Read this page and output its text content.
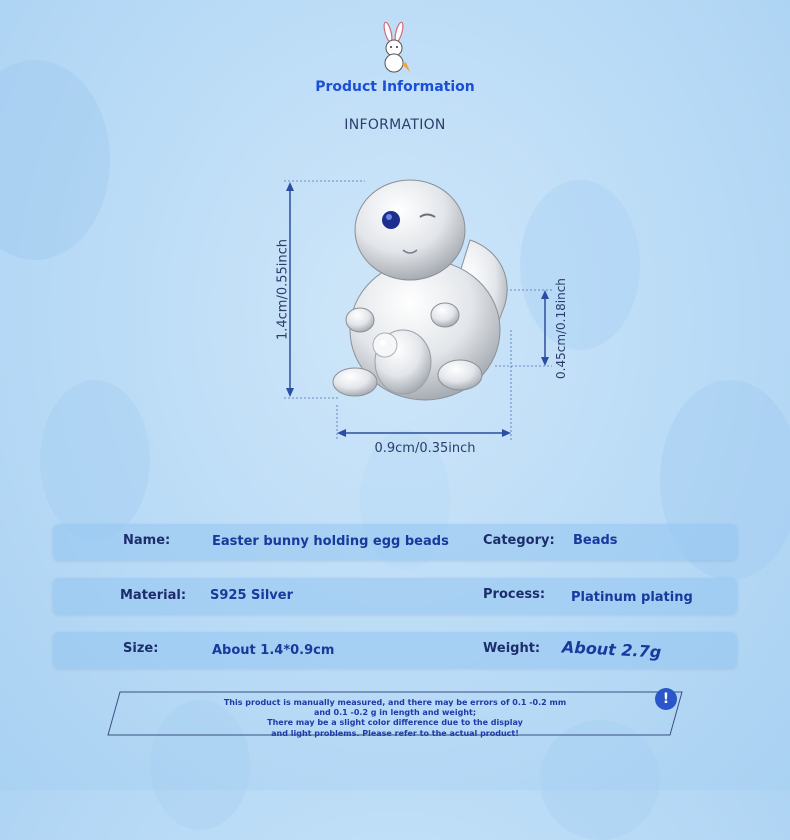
Product Information
INFORMATION
1.4cm/0.55inch
0.9cm/0.35inch
0.45cm/0.18inch
Name:	Easter bunny holding egg beads	Category: Beads
Material: S925 Silver	Process: Platinum plating
Size:	About 1.4*0.9cm	Weight: About 2.7g
This product is manually measured, and there may be errors of 0.1 -0.2 mm
and 0.1 -0.2 g in length and weight;
There may be a slight color difference due to the display
and light problems. Please refer to the actual product!
!
